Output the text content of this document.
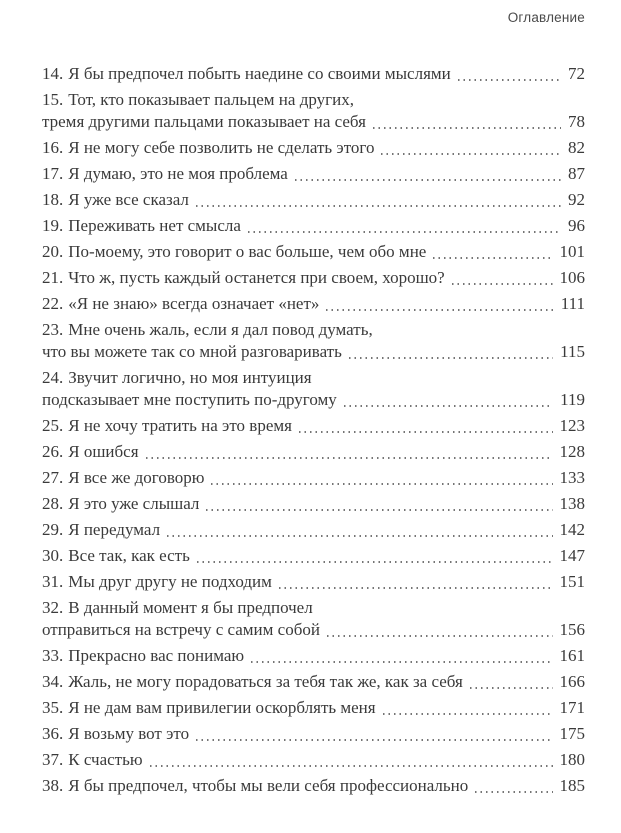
Оглавление
14. Я бы предпочел побыть наедине со своими мыслями	72
15. Тот, кто показывает пальцем на других,
тремя другими пальцами показывает на себя	78
16. Я не могу себе позволить не сделать этого	82
17. Я думаю, это не моя проблема	87
18. Я уже все сказал	92
19. Переживать нет смысла	96
20. По-моему, это говорит о вас больше, чем обо мне	101
21. Что ж, пусть каждый останется при своем, хорошо?	106
22. «Я не знаю» всегда означает «нет»	111
23. Мне очень жаль, если я дал повод думать,
что вы можете так со мной разговаривать	115
24. Звучит логично, но моя интуиция
подсказывает мне поступить по-другому	119
25. Я не хочу тратить на это время	123
26. Я ошибся	128
27. Я все же договорю	133
28. Я это уже слышал	138
29. Я передумал	142
30. Все так, как есть	147
31. Мы друг другу не подходим	151
32. В данный момент я бы предпочел
отправиться на встречу с самим собой	156
33. Прекрасно вас понимаю	161
34. Жаль, не могу порадоваться за тебя так же, как за себя	166
35. Я не дам вам привилегии оскорблять меня	171
36. Я возьму вот это	175
37. К счастью	180
38. Я бы предпочел, чтобы мы вели себя профессионально	185
